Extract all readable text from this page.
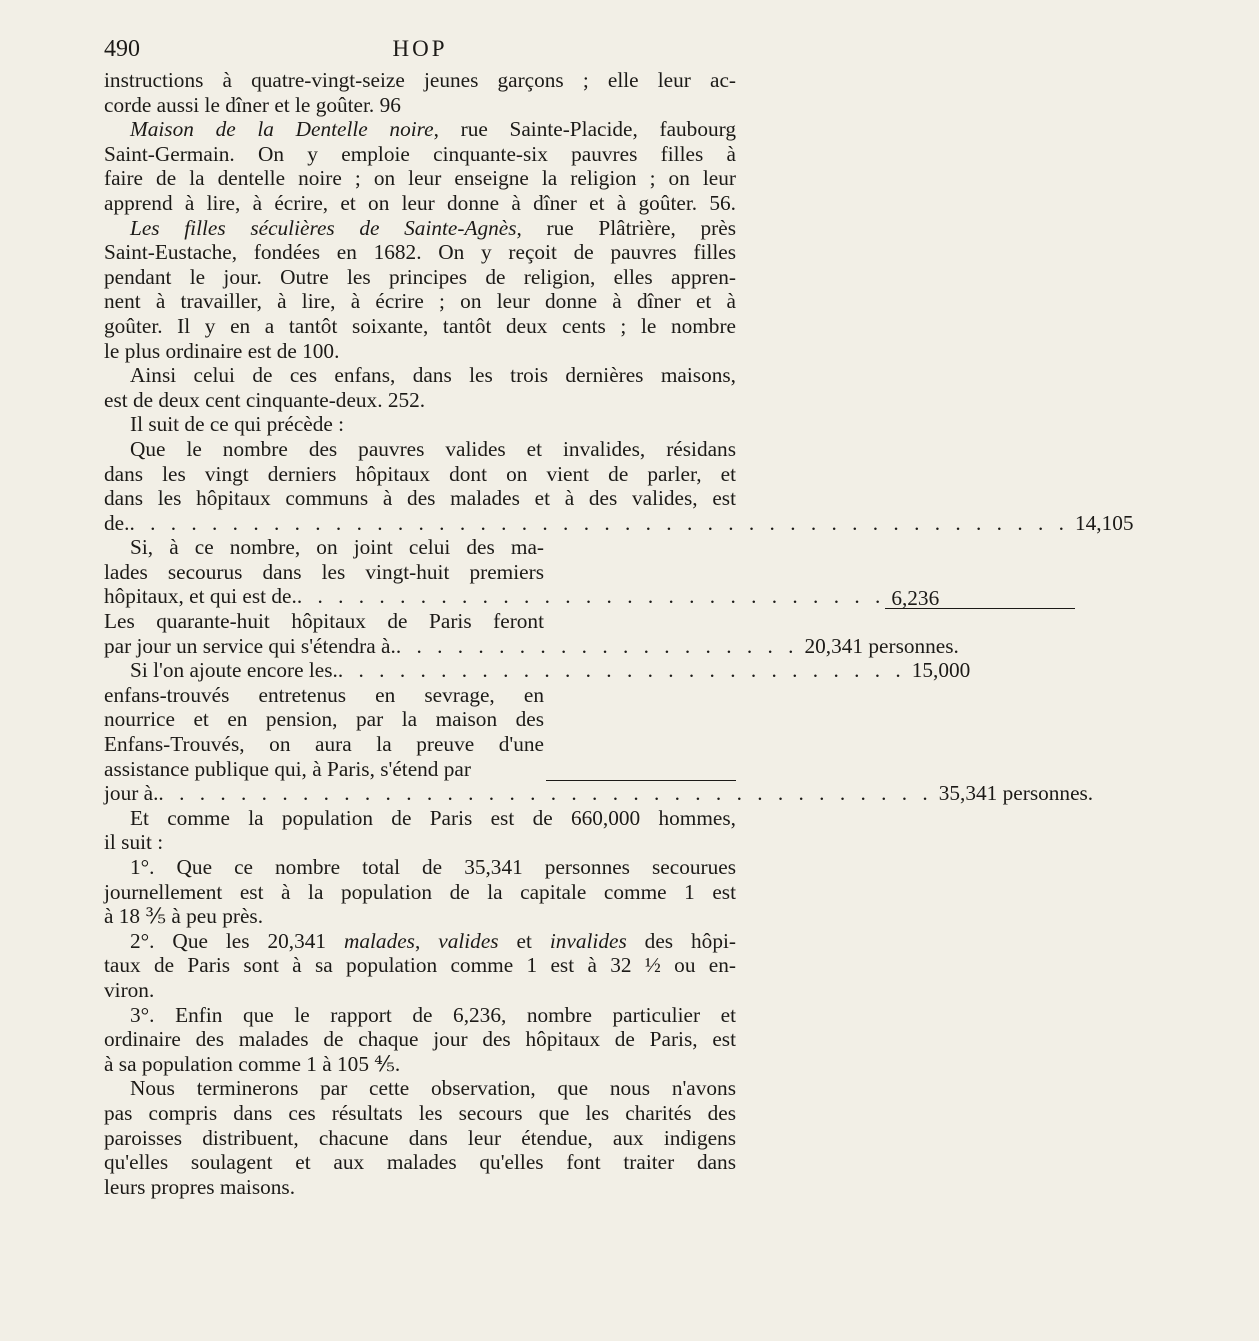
490	HOP

instructions à quatre-vingt-seize jeunes garçons ; elle leur ac-
corde aussi le dîner et le goûter. 96

Maison de la Dentelle noire, rue Sainte-Placide, faubourg
Saint-Germain. On y emploie cinquante-six pauvres filles à
faire de la dentelle noire ; on leur enseigne la religion ; on leur
apprend à lire, à écrire, et on leur donne à dîner et à goûter. 56.

Les filles séculières de Sainte-Agnès, rue Plâtrière, près
Saint-Eustache, fondées en 1682. On y reçoit de pauvres filles
pendant le jour. Outre les principes de religion, elles appren-
nent à travailler, à lire, à écrire ; on leur donne à dîner et à
goûter. Il y en a tantôt soixante, tantôt deux cents ; le nombre
le plus ordinaire est de 100.

Ainsi celui de ces enfans, dans les trois dernières maisons,
est de deux cent cinquante-deux. 252.

Il suit de ce qui précède :

Que le nombre des pauvres valides et invalides, résidans
dans les vingt derniers hôpitaux dont on vient de parler, et
dans les hôpitaux communs à des malades et à des valides, est

de. . . . . . . . . . . . . . . . . . . . . . . . . . . . . . . . . . . . . . . . . . . . . . . 14,105
Si, à ce nombre, on joint celui des ma-
lades secourus dans les vingt-huit premiers
hôpitaux, et qui est de. . . . . . . . . . . . . . . . . . . . . . . . . . . . . . 6,236
Les quarante-huit hôpitaux de Paris feront
par jour un service qui s'étendra à. . . . . . . . . . . . . . . . . . . . . 20,341 personnes.
Si l'on ajoute encore les. . . . . . . . . . . . . . . . . . . . . . . . . . . . . 15,000
enfans-trouvés entretenus en sevrage, en
nourrice et en pension, par la maison des
Enfans-Trouvés, on aura la preuve d'une
assistance publique qui, à Paris, s'étend par
jour à. . . . . . . . . . . . . . . . . . . . . . . . . . . . . . . . . . . . . . . 35,341 personnes.

Et comme la population de Paris est de 660,000 hommes,
il suit :

1°. Que ce nombre total de 35,341 personnes secourues
journellement est à la population de la capitale comme 1 est
à 18 ⅗ à peu près.

2°. Que les 20,341 malades, valides et invalides des hôpi-
taux de Paris sont à sa population comme 1 est à 32 ½ ou en-
viron.

3°. Enfin que le rapport de 6,236, nombre particulier et
ordinaire des malades de chaque jour des hôpitaux de Paris, est
à sa population comme 1 à 105 ⅘.

Nous terminerons par cette observation, que nous n'avons
pas compris dans ces résultats les secours que les charités des
paroisses distribuent, chacune dans leur étendue, aux indigens
qu'elles soulagent et aux malades qu'elles font traiter dans
leurs propres maisons.
